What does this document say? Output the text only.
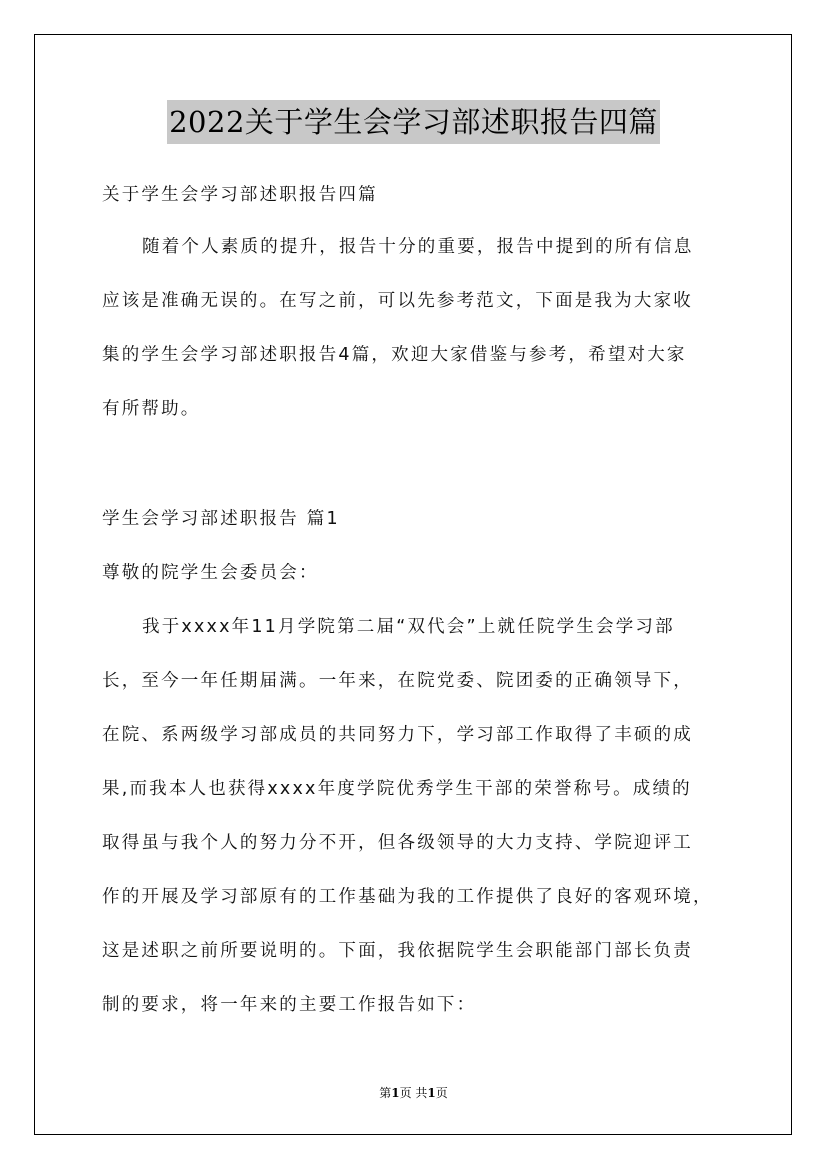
2022关于学生会学习部述职报告四篇
关于学生会学习部述职报告四篇
随着个人素质的提升，报告十分的重要，报告中提到的所有信息
应该是准确无误的。在写之前，可以先参考范文，下面是我为大家收
集的学生会学习部述职报告4篇，欢迎大家借鉴与参考，希望对大家
有所帮助。
学生会学习部述职报告 篇1
尊敬的院学生会委员会：
我于xxxx年11月学院第二届“双代会”上就任院学生会学习部
长，至今一年任期届满。一年来，在院党委、院团委的正确领导下，
在院、系两级学习部成员的共同努力下，学习部工作取得了丰硕的成
果,而我本人也获得xxxx年度学院优秀学生干部的荣誉称号。成绩的
取得虽与我个人的努力分不开，但各级领导的大力支持、学院迎评工
作的开展及学习部原有的工作基础为我的工作提供了良好的客观环境，
这是述职之前所要说明的。下面，我依据院学生会职能部门部长负责
制的要求，将一年来的主要工作报告如下：
第1页 共1页
